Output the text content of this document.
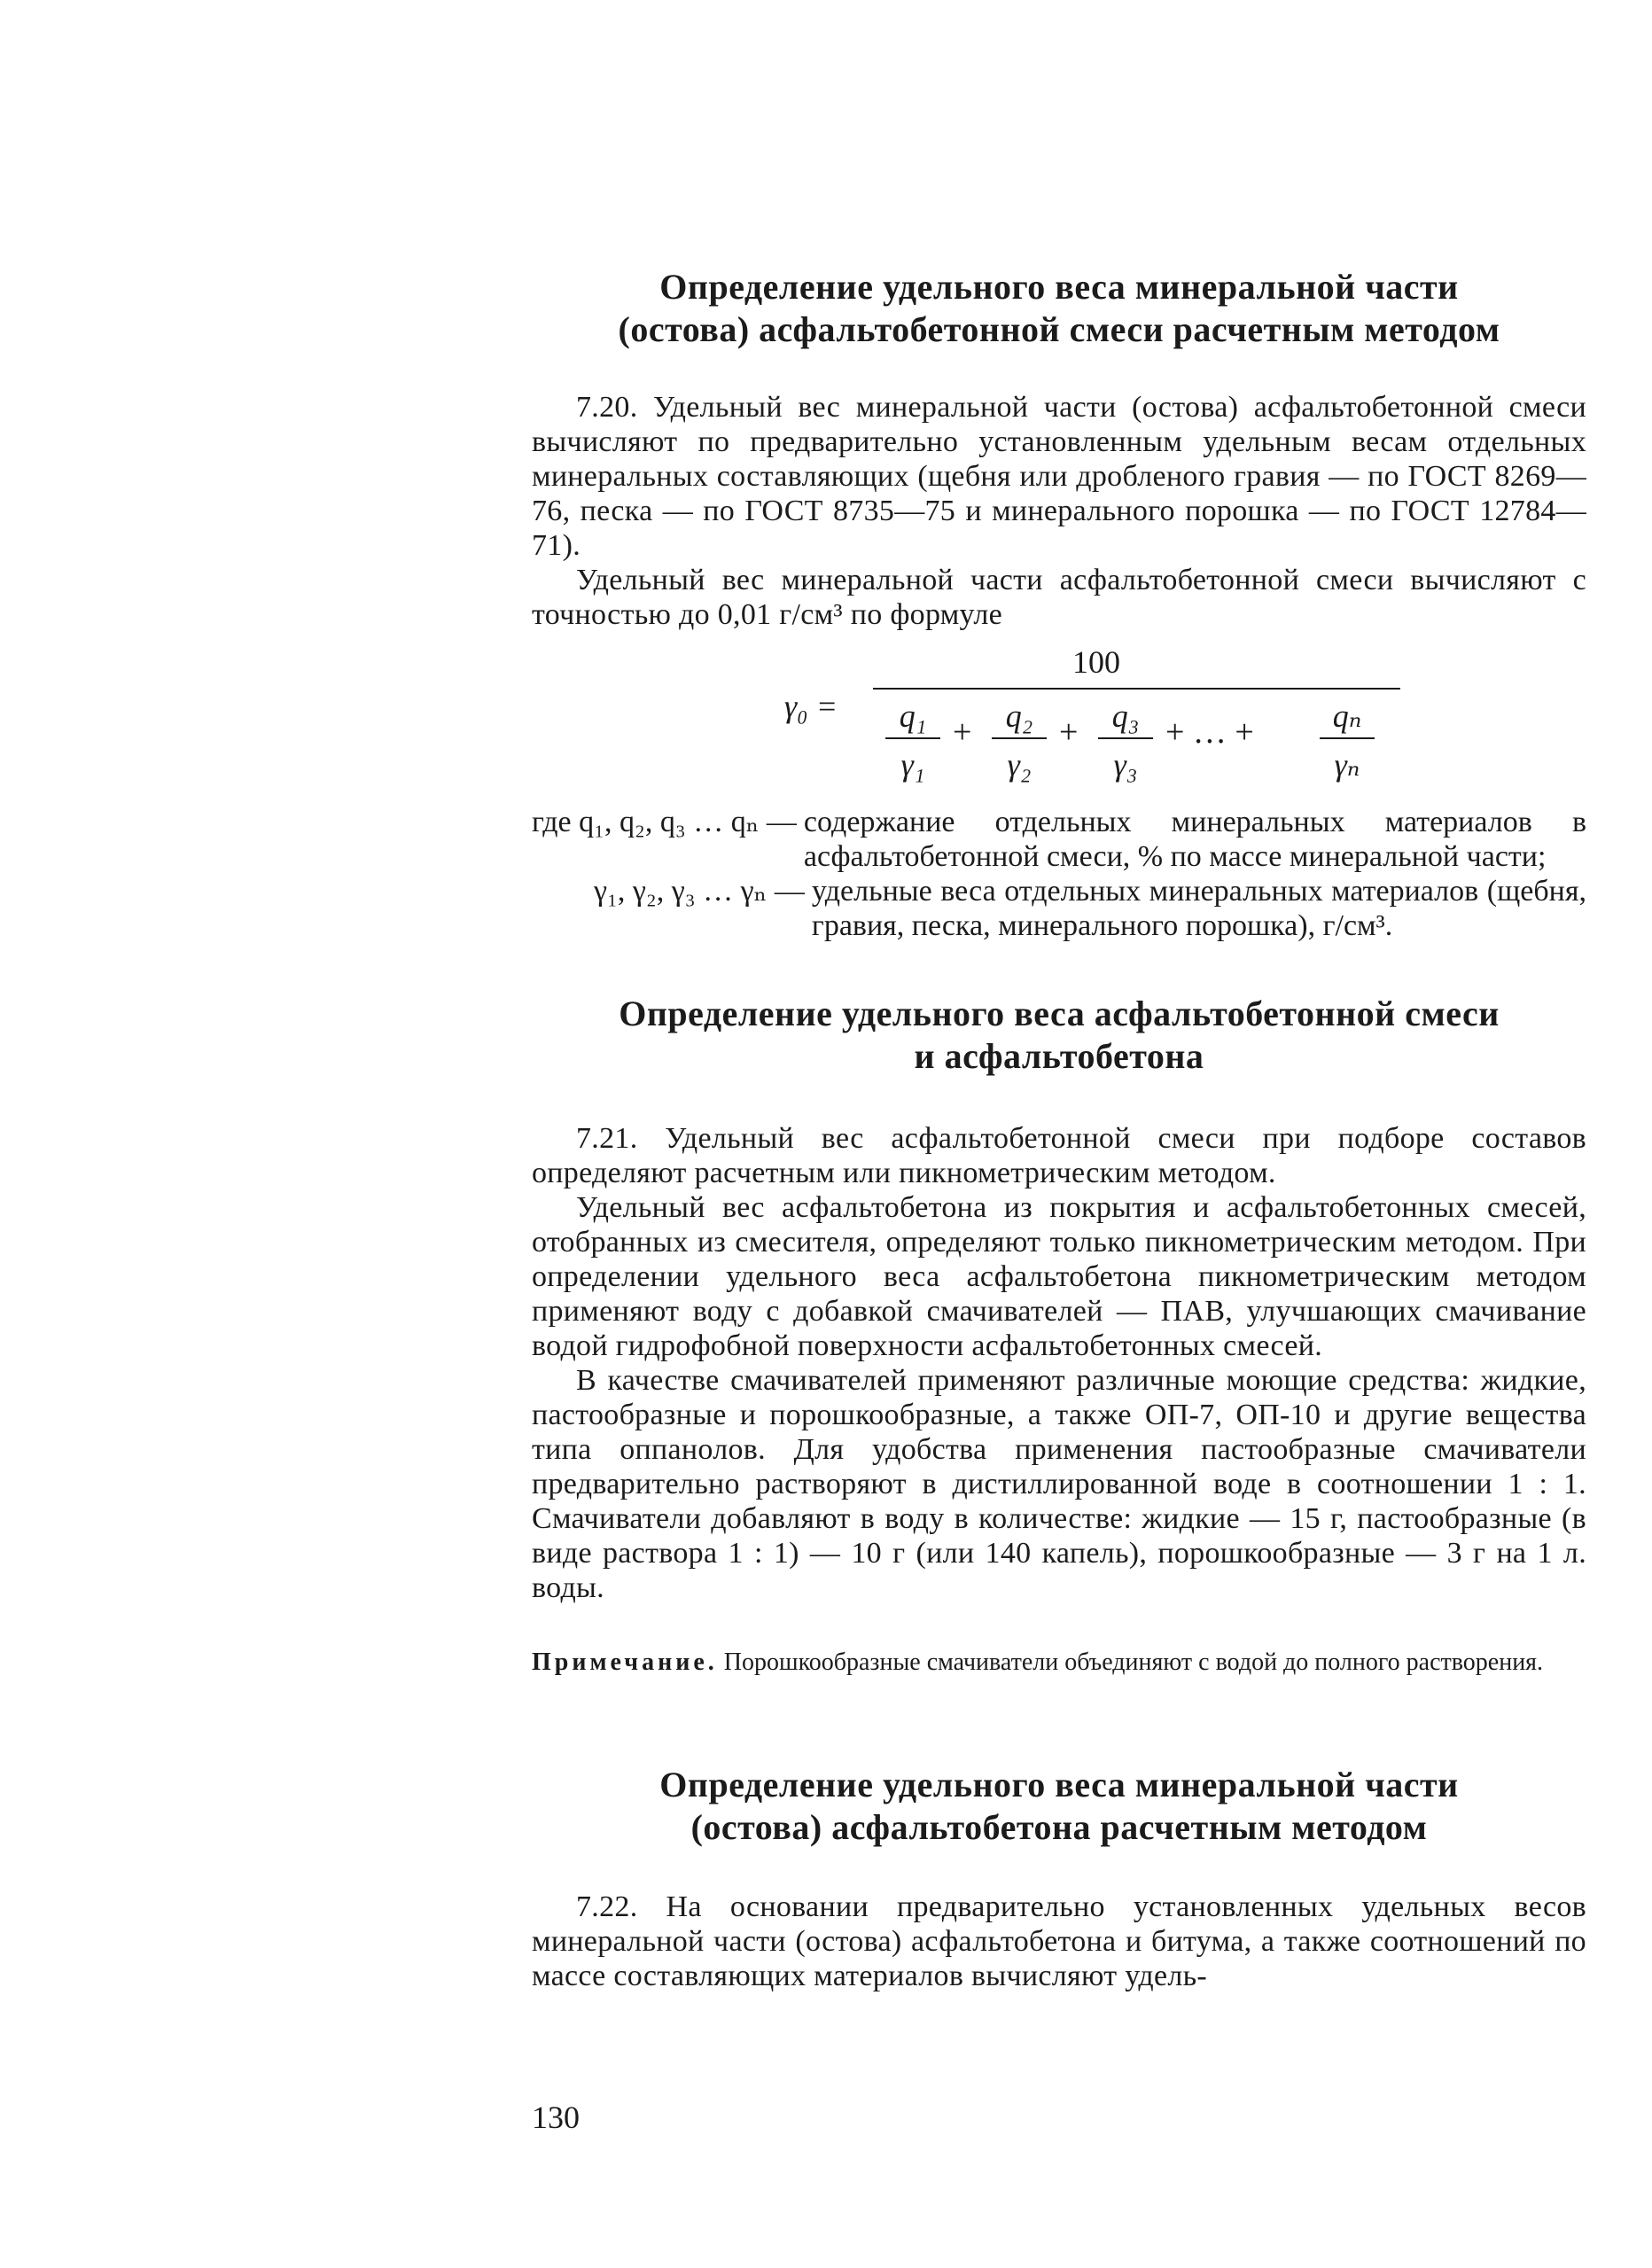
Определение удельного веса минеральной части
(остова) асфальтобетонной смеси расчетным методом

7.20. Удельный вес минеральной части (остова) асфальтобетонной смеси вычисляют по предварительно установленным удельным весам отдельных минеральных составляющих (щебня или дробленого гравия — по ГОСТ 8269—76, песка — по ГОСТ 8735—75 и минерального порошка — по ГОСТ 12784—71).

Удельный вес минеральной части асфальтобетонной смеси вычисляют с точностью до 0,01 г/см³ по формуле

γ₀ =
100
q₁
γ₁
+	q₂
γ₂
+	q₃
γ₃
+ … +	qₙ
γₙ
где q₁, q₂, q₃ … qₙ — содержание отдельных минеральных материалов в асфальтобетонной смеси, % по массе минеральной части;
γ₁, γ₂, γ₃ … γₙ — удельные веса отдельных минеральных материалов (щебня, гравия, песка, минерального порошка), г/см³.

Определение удельного веса асфальтобетонной смеси
и асфальтобетона

7.21. Удельный вес асфальтобетонной смеси при подборе составов определяют расчетным или пикнометрическим методом.

Удельный вес асфальтобетона из покрытия и асфальтобетонных смесей, отобранных из смесителя, определяют только пикнометрическим методом. При определении удельного веса асфальтобетона пикнометрическим методом применяют воду с добавкой смачивателей — ПАВ, улучшающих смачивание водой гидрофобной поверхности асфальтобетонных смесей.

В качестве смачивателей применяют различные моющие средства: жидкие, пастообразные и порошкообразные, а также ОП-7, ОП-10 и другие вещества типа оппанолов. Для удобства применения пастообразные смачиватели предварительно растворяют в дистиллированной воде в соотношении 1 : 1. Смачиватели добавляют в воду в количестве: жидкие — 15 г, пастообразные (в виде раствора 1 : 1) — 10 г (или 140 капель), порошкообразные — 3 г на 1 л. воды.

Примечание. Порошкообразные смачиватели объединяют с водой до полного растворения.

Определение удельного веса минеральной части
(остова) асфальтобетона расчетным методом

7.22. На основании предварительно установленных удельных весов минеральной части (остова) асфальтобетона и битума, а также соотношений по массе составляющих материалов вычисляют удель-

130
